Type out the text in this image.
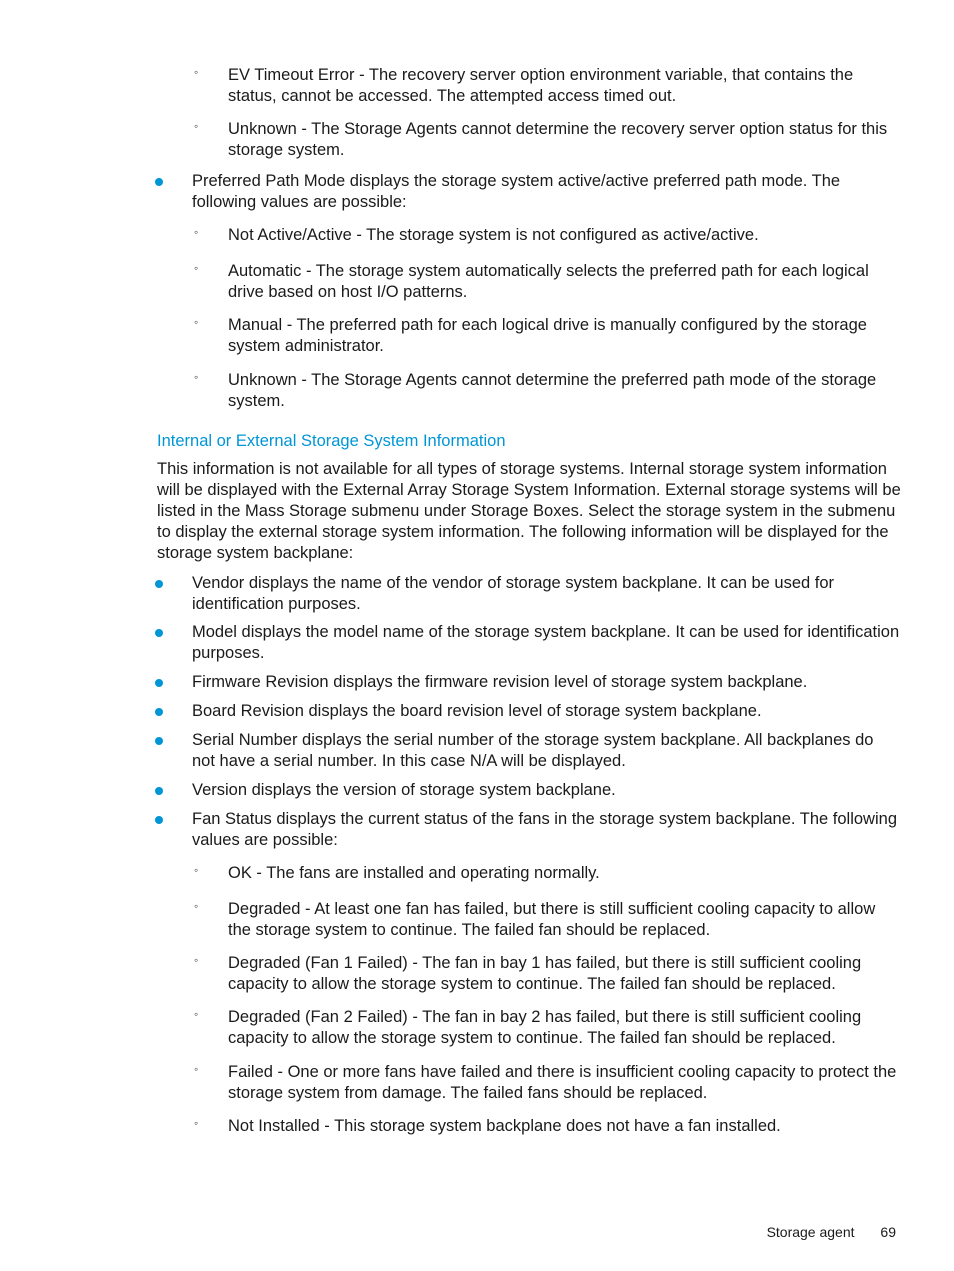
◦ EV Timeout Error - The recovery server option environment variable, that contains the status, cannot be accessed. The attempted access timed out.
◦ Unknown - The Storage Agents cannot determine the recovery server option status for this storage system.
Preferred Path Mode displays the storage system active/active preferred path mode. The following values are possible:
◦ Not Active/Active - The storage system is not configured as active/active.
◦ Automatic - The storage system automatically selects the preferred path for each logical drive based on host I/O patterns.
◦ Manual - The preferred path for each logical drive is manually configured by the storage system administrator.
◦ Unknown - The Storage Agents cannot determine the preferred path mode of the storage system.
Internal or External Storage System Information
This information is not available for all types of storage systems. Internal storage system information will be displayed with the External Array Storage System Information. External storage systems will be listed in the Mass Storage submenu under Storage Boxes. Select the storage system in the submenu to display the external storage system information. The following information will be displayed for the storage system backplane:
Vendor displays the name of the vendor of storage system backplane. It can be used for identification purposes.
Model displays the model name of the storage system backplane. It can be used for identification purposes.
Firmware Revision displays the firmware revision level of storage system backplane.
Board Revision displays the board revision level of storage system backplane.
Serial Number displays the serial number of the storage system backplane. All backplanes do not have a serial number. In this case N/A will be displayed.
Version displays the version of storage system backplane.
Fan Status displays the current status of the fans in the storage system backplane. The following values are possible:
◦ OK - The fans are installed and operating normally.
◦ Degraded - At least one fan has failed, but there is still sufficient cooling capacity to allow the storage system to continue. The failed fan should be replaced.
◦ Degraded (Fan 1 Failed) - The fan in bay 1 has failed, but there is still sufficient cooling capacity to allow the storage system to continue. The failed fan should be replaced.
◦ Degraded (Fan 2 Failed) - The fan in bay 2 has failed, but there is still sufficient cooling capacity to allow the storage system to continue. The failed fan should be replaced.
◦ Failed - One or more fans have failed and there is insufficient cooling capacity to protect the storage system from damage. The failed fans should be replaced.
◦ Not Installed - This storage system backplane does not have a fan installed.
Storage agent 69
